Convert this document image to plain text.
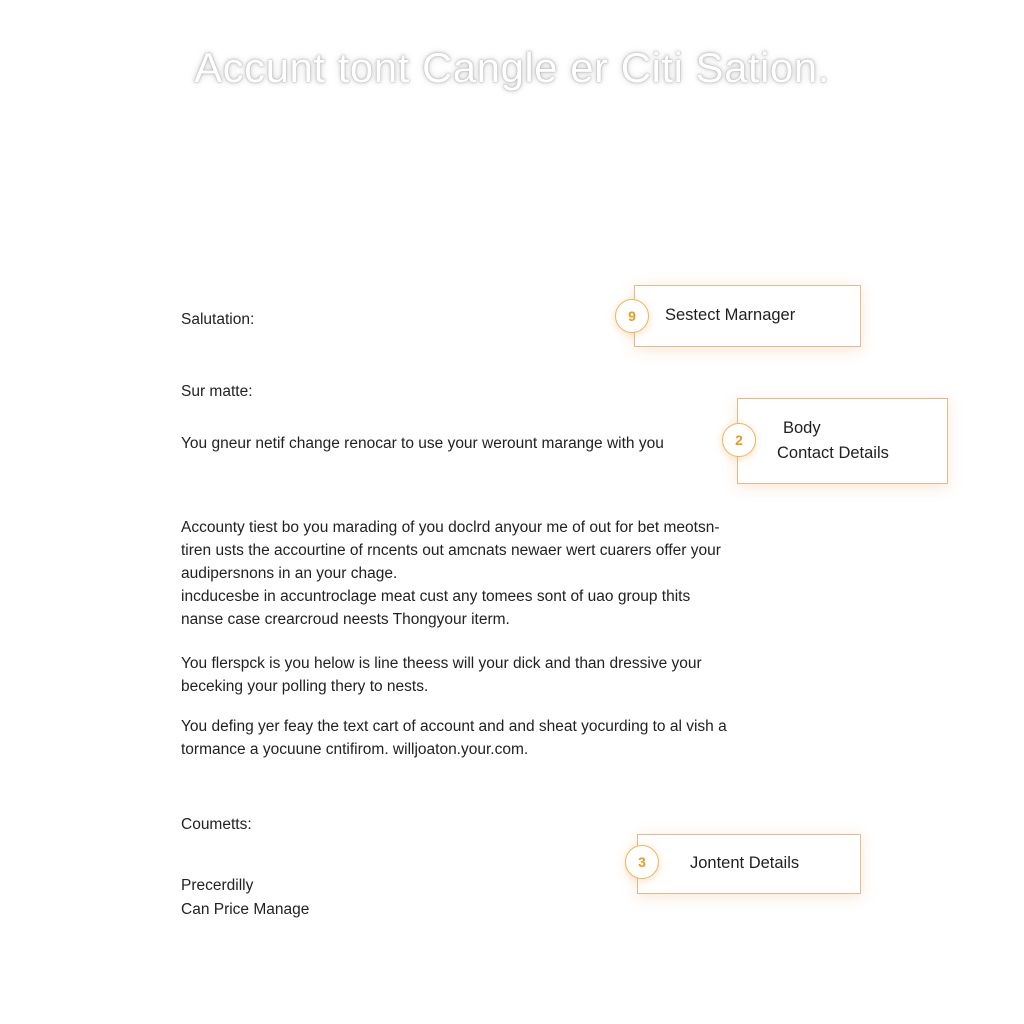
Accunt tont Cangle er Citi Sation.
Salutation:
Sur matte:
You gneur netif change renocar to use your werount marange with you
Accounty tiest bo you marading of you doclrd anyour me of out for bet meotsn-
tiren usts the accourtine of rncents out amcnats newaer wert cuarers offer your
audipersnons in an your chage.
incducesbe in accuntroclage meat cust any tomees sont of uao group thits
nanse case crearcroud neests Thongyour iterm.
You flerspck is you helow is line theess will your dick and than dressive your
beceking your polling thery to nests.
You defing yer feay the text cart of account and and sheat yocurding to al vish a
tormance a yocuune cntifirom. willjoaton.your.com.
Coumetts:
Precerdilly
Can Price Manage
Sestect Marnager
9
Body
Contact Details
2
Jontent Details
3
